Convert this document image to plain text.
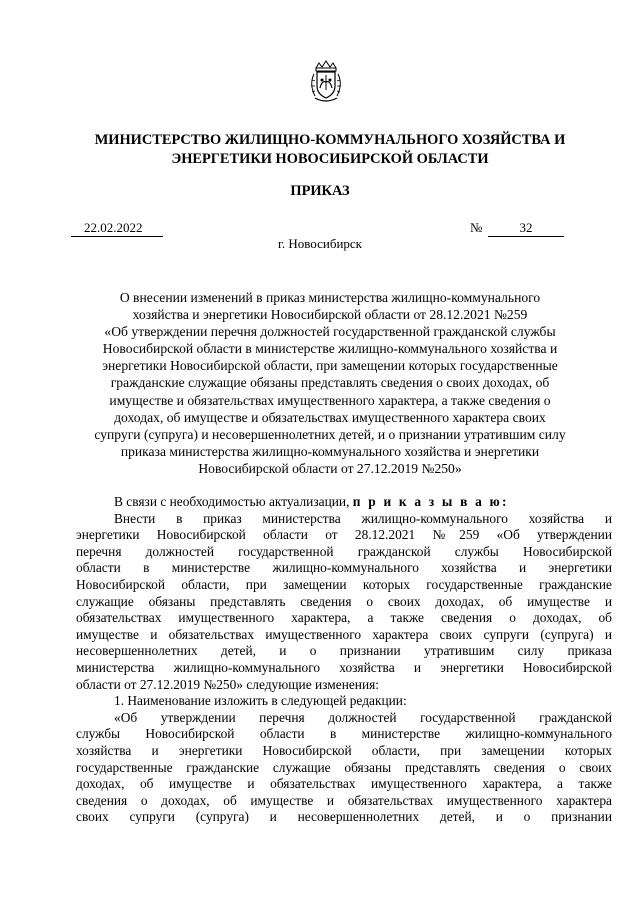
МИНИСТЕРСТВО ЖИЛИЩНО-КОММУНАЛЬНОГО ХОЗЯЙСТВА И
ЭНЕРГЕТИКИ НОВОСИБИРСКОЙ ОБЛАСТИ
ПРИКАЗ
22.02.2022	№	32
г. Новосибирск
О внесении изменений в приказ министерства жилищно-коммунального
хозяйства и энергетики Новосибирской области от 28.12.2021 №259
«Об утверждении перечня должностей государственной гражданской службы
Новосибирской области в министерстве жилищно-коммунального хозяйства и
энергетики Новосибирской области, при замещении которых государственные
гражданские служащие обязаны представлять сведения о своих доходах, об
имуществе и обязательствах имущественного характера, а также сведения о
доходах, об имуществе и обязательствах имущественного характера своих
супруги (супруга) и несовершеннолетних детей, и о признании утратившим силу
приказа министерства жилищно-коммунального хозяйства и энергетики
Новосибирской области от 27.12.2019 №250»
В связи с необходимостью актуализации, п р и к а з ы в а ю:
Внести в приказ министерства жилищно-коммунального хозяйства и
энергетики Новосибирской области от 28.12.2021 №259 «Об утверждении
перечня должностей государственной гражданской службы Новосибирской
области в министерстве жилищно-коммунального хозяйства и энергетики
Новосибирской области, при замещении которых государственные гражданские
служащие обязаны представлять сведения о своих доходах, об имуществе и
обязательствах имущественного характера, а также сведения о доходах, об
имуществе и обязательствах имущественного характера своих супруги (супруга) и
несовершеннолетних детей, и о признании утратившим силу приказа
министерства жилищно-коммунального хозяйства и энергетики Новосибирской
области от 27.12.2019 №250» следующие изменения:
1. Наименование изложить в следующей редакции:
«Об утверждении перечня должностей государственной гражданской
службы Новосибирской области в министерстве жилищно-коммунального
хозяйства и энергетики Новосибирской области, при замещении которых
государственные гражданские служащие обязаны представлять сведения о своих
доходах, об имуществе и обязательствах имущественного характера, а также
сведения о доходах, об имуществе и обязательствах имущественного характера
своих супруги (супруга) и несовершеннолетних детей, и о признании
